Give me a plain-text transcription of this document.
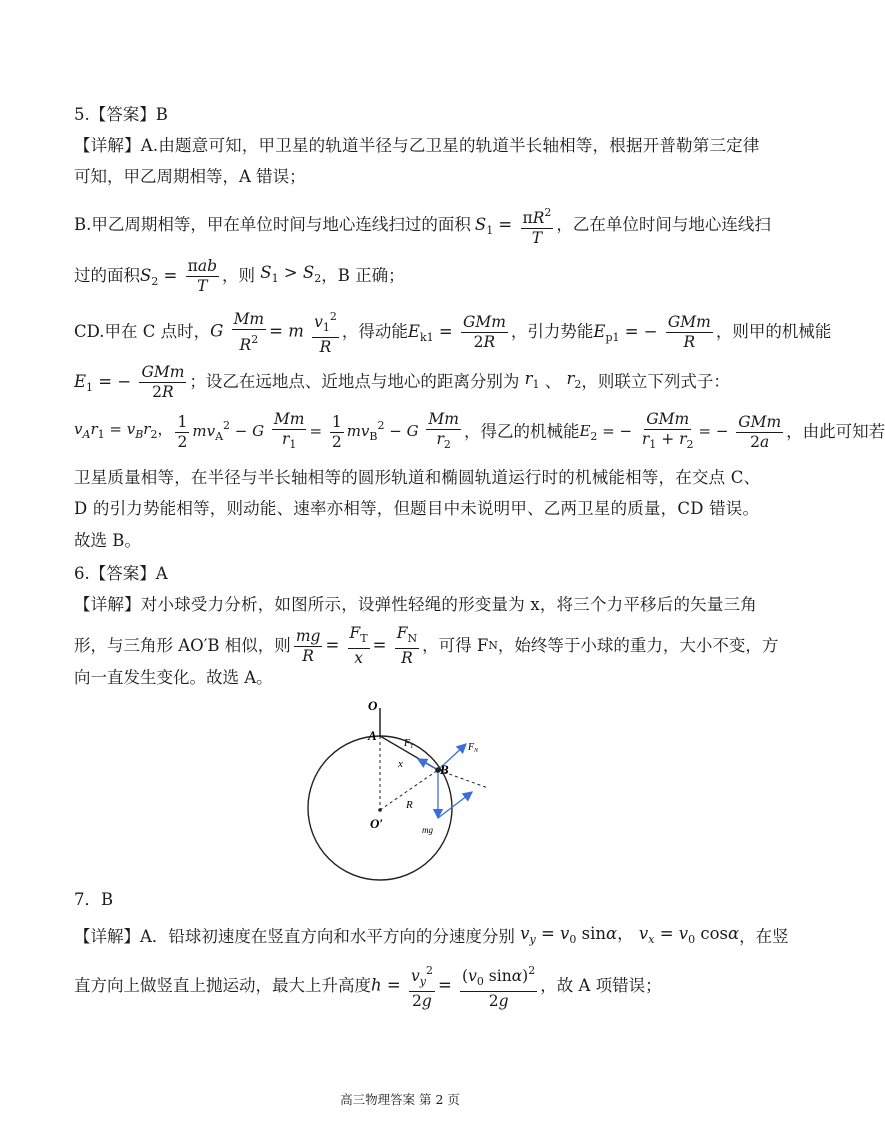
5.【答案】B
【详解】A.由题意可知，甲卫星的轨道半径与乙卫星的轨道半长轴相等，根据开普勒第三定律
可知，甲乙周期相等，A 错误；
B.甲乙周期相等，甲在单位时间与地心连线扫过的面积 $S_1 = \frac{\pi R^2}{T}$ ，乙在单位时间与地心连线扫
过的面积 $S_2 = \frac{\text{πab}}{T}$ ，则 $S_1 > S_2$ ，B 正确；
CD.甲在 C 点时， G $\frac{Mm}{R^2} = m \frac{v_1^2}{R}$ ，得动能 $E_{k1} = \frac{\text{GMm}}{2R}$ ，引力势能 $E_{p1}$ = − $\frac{\text{GMm}}{R}$ ，则甲的机械能
$E_1$ = − $\frac{\text{GMm}}{2R}$ ；设乙在远地点、近地点与地心的距离分别为 $r_1$ 、 $r_2$ ，则联立下列式子：
$v_Ar_1 = v_Br_2$， $\frac{1}{2} mv_A^2 - G \frac{Mm}{r_1} = \frac{1}{2} mv_B^2 - G \frac{Mm}{r_2}$ ，得乙的机械能 $E_2$ = − $\frac{\text{GMm}}{r_1 + r_2}$ = − $\frac{\text{GMm}}{2a}$ ，由此可知若
卫星质量相等，在半径与半长轴相等的圆形轨道和椭圆轨道运行时的机械能相等，在交点 C、
D 的引力势能相等，则动能、速率亦相等，但题目中未说明甲、乙两卫星的质量，CD 错误。
故选 B。
6.【答案】A
【详解】对小球受力分析，如图所示，设弹性轻绳的形变量为 x，将三个力平移后的矢量三角
形，与三角形 AO′B 相似，则 $\frac{mg}{R} = \frac{F_T}{x} = \frac{F_N}{R}$ ，可得 F N ，始终等于小球的重力，大小不变，方
向一直发生变化。故选 A。
O
A
B
O′
x
R
mg
$F_T$	$F_N$
7．B
【详解】A．铅球初速度在竖直方向和水平方向的分速度分别 $v_y = v_0$ sinα， $v_x = v_0$ cosα ，在竖
直方向上做竖直上抛运动，最大上升高度 $h = \frac{v_y^2}{2g} = \frac{(v_0 \sin\alpha)^2}{2g}$ ，故 A 项错误；
高三物理答案 第 2 页
